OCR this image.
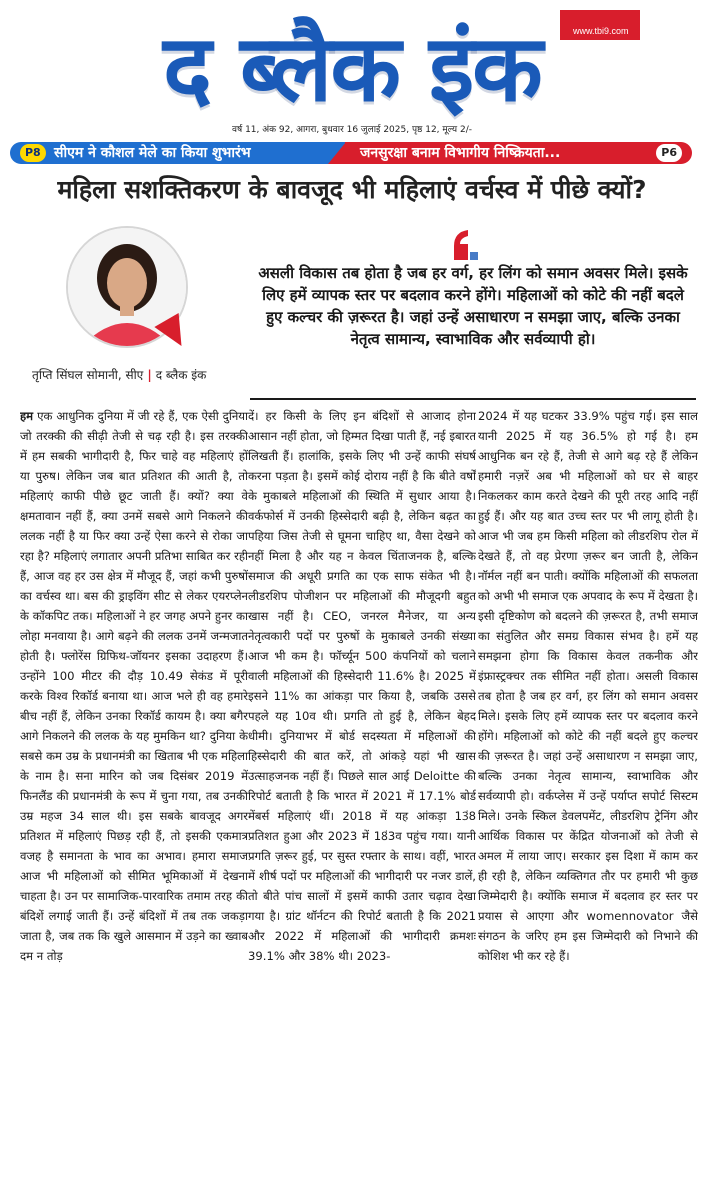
www.tbi9.com
द ब्लैक इंक
वर्ष 11, अंक 92, आगरा, बुधवार 16 जुलाई 2025, पृष्ठ 12, मूल्य 2/-
P8 सीएम ने कौशल मेले का किया शुभारंभ	जनसुरक्षा बनाम विभागीय निष्क्रियता...	P6
महिला सशक्तिकरण के बावजूद भी महिलाएं वर्चस्व में पीछे क्यों?
तृप्ति सिंघल सोमानी, सीए | द ब्लैक इंक

असली विकास तब होता है जब हर वर्ग, हर लिंग को समान अवसर मिले। इसके लिए हमें व्यापक स्तर पर बदलाव करने होंगे। महिलाओं को कोटे की नहीं बदले हुए कल्चर की ज़रूरत है। जहां उन्हें असाधारण न समझा जाए, बल्कि उनका नेतृत्व सामान्य, स्वाभाविक और सर्वव्यापी हो।

हम एक आधुनिक दुनिया में जी रहे हैं, एक ऐसी दुनिया जो तरक्की की सीढ़ी तेजी से चढ़ रही है। इस तरक्की में हम सबकी भागीदारी है, फिर चाहे वह महिलाएं हों या पुरुष। लेकिन जब बात प्रतिशत की आती है, तो महिलाएं काफी पीछे छूट जाती हैं। क्यों? क्या वे क्षमतावान नहीं हैं, क्या उनमें सबसे आगे निकलने की ललक नहीं है या फिर क्या उन्हें ऐसा करने से रोका जा रहा है? महिलाएं लगातार अपनी प्रतिभा साबित कर रही हैं, आज वह हर उस क्षेत्र में मौजूद हैं, जहां कभी पुरुषों का वर्चस्व था। बस की ड्राइविंग सीट से लेकर एयरप्लेन के कॉकपिट तक। महिलाओं ने हर जगह अपने हुनर का लोहा मनवाया है। आगे बढ़ने की ललक उनमें जन्मजात होती है। फ्लोरेंस ग्रिफिथ-जॉयनर इसका उदाहरण हैं। उन्होंने 100 मीटर की दौड़ 10.49 सेकंड में पूरी करके विश्व रिकॉर्ड बनाया था। आज भले ही वह हमारे बीच नहीं हैं, लेकिन उनका रिकॉर्ड कायम है। क्या बगैर आगे निकलने की ललक के यह मुमकिन था? दुनिया के सबसे कम उम्र के प्रधानमंत्री का खिताब भी एक महिला के नाम है। सना मारिन को जब दिसंबर 2019 में फिनलैंड की प्रधानमंत्री के रूप में चुना गया, तब उनकी उम्र महज 34 साल थी। इस सबके बावजूद अगर प्रतिशत में महिलाएं पिछड़ रही हैं, तो इसकी एकमात्र वजह है समानता के भाव का अभाव। हमारा समाज आज भी महिलाओं को सीमित भूमिकाओं में देखना चाहता है। उन पर सामाजिक-पारवारिक तमाम तरह की बंदिशें लगाई जाती हैं। उन्हें बंदिशों में तब तक जकड़ा जाता है, जब तक कि खुले आसमान में उड़ने का ख्वाब दम न तोड़

दें। हर किसी के लिए इन बंदिशों से आजाद होना आसान नहीं होता, जो हिम्मत दिखा पाती हैं, नई इबारत लिखती हैं। हालांकि, इसके लिए भी उन्हें काफी संघर्ष करना पड़ता है। इसमें कोई दोराय नहीं है कि बीते वर्षों के मुकाबले महिलाओं की स्थिति में सुधार आया है। वर्कफोर्स में उनकी हिस्सेदारी बढ़ी है, लेकिन बढ़त का पहिया जिस तेजी से घूमना चाहिए था, वैसा देखने को नहीं मिला है और यह न केवल चिंताजनक है, बल्कि समाज की अधूरी प्रगति का एक साफ संकेत भी है। लीडरशिप पोजीशन पर महिलाओं की मौजूदगी बहुत खास नहीं है। CEO, जनरल मैनेजर, या अन्य नेतृत्वकारी पदों पर पुरुषों के मुकाबले उनकी संख्या आज भी कम है। फॉर्च्यून 500 कंपनियों को चलाने वाली महिलाओं की हिस्सेदारी 11.6% है। 2025 में इसने 11% का आंकड़ा पार किया है, जबकि उससे पहले यह 10व थी। प्रगति तो हुई है, लेकिन बेहद धीमी। दुनियाभर में बोर्ड सदस्यता में महिलाओं की हिस्सेदारी की बात करें, तो आंकड़े यहां भी खास उत्साहजनक नहीं हैं। पिछले साल आई Deloitte की रिपोर्ट बताती है कि भारत में 2021 में 17.1% बोर्ड मेंबर्स महिलाएं थीं। 2018 में यह आंकड़ा 13ं8 प्रतिशत हुआ और 2023 में 18ं3व पहुंच गया। यानी प्रगति ज़रूर हुई, पर सुस्त रफ्तार के साथ। वहीं, भारत में शीर्ष पदों पर महिलाओं की भागीदारी पर नजर डालें, तो बीते पांच सालों में इसमें काफी उतार चढ़ाव देखा गया है। ग्रांट थॉर्नटन की रिपोर्ट बताती है कि 2021 और 2022 में महिलाओं की भागीदारी क्रमशः 39.1% और 38% थी। 2023-

2024 में यह घटकर 33.9% पहुंच गई। इस साल यानी 2025 में यह 36.5% हो गई है। हम आधुनिक बन रहे हैं, तेजी से आगे बढ़ रहे हैं लेकिन हमारी नज़रें अब भी महिलाओं को घर से बाहर निकलकर काम करते देखने की पूरी तरह आदि नहीं हुई हैं। और यह बात उच्च स्तर पर भी लागू होती है। आज भी जब हम किसी महिला को लीडरशिप रोल में देखते हैं, तो वह प्रेरणा ज़रूर बन जाती है, लेकिन नॉर्मल नहीं बन पाती। क्योंकि महिलाओं की सफलता को अभी भी समाज एक अपवाद के रूप में देखता है। इसी दृष्टिकोण को बदलने की ज़रूरत है, तभी समाज का संतुलित और समग्र विकास संभव है। हमें यह समझना होगा कि विकास केवल तकनीक और इंफ्रास्ट्रक्चर तक सीमित नहीं होता। असली विकास तब होता है जब हर वर्ग, हर लिंग को समान अवसर मिले। इसके लिए हमें व्यापक स्तर पर बदलाव करने होंगे। महिलाओं को कोटे की नहीं बदले हुए कल्चर की ज़रूरत है। जहां उन्हें असाधारण न समझा जाए, बल्कि उनका नेतृत्व सामान्य, स्वाभाविक और सर्वव्यापी हो। वर्कप्लेस में उन्हें पर्याप्त सपोर्ट सिस्टम मिले। उनके स्किल डेवलपमेंट, लीडरशिप ट्रेनिंग और आर्थिक विकास पर केंद्रित योजनाओं को तेजी से अमल में लाया जाए। सरकार इस दिशा में काम कर ही रही है, लेकिन व्यक्तिगत तौर पर हमारी भी कुछ जिम्मेदारी है। क्योंकि समाज में बदलाव हर स्तर पर प्रयास से आएगा और womennovator जैसे संगठन के जरिए हम इस जिम्मेदारी को निभाने की कोशिश भी कर रहे हैं।
